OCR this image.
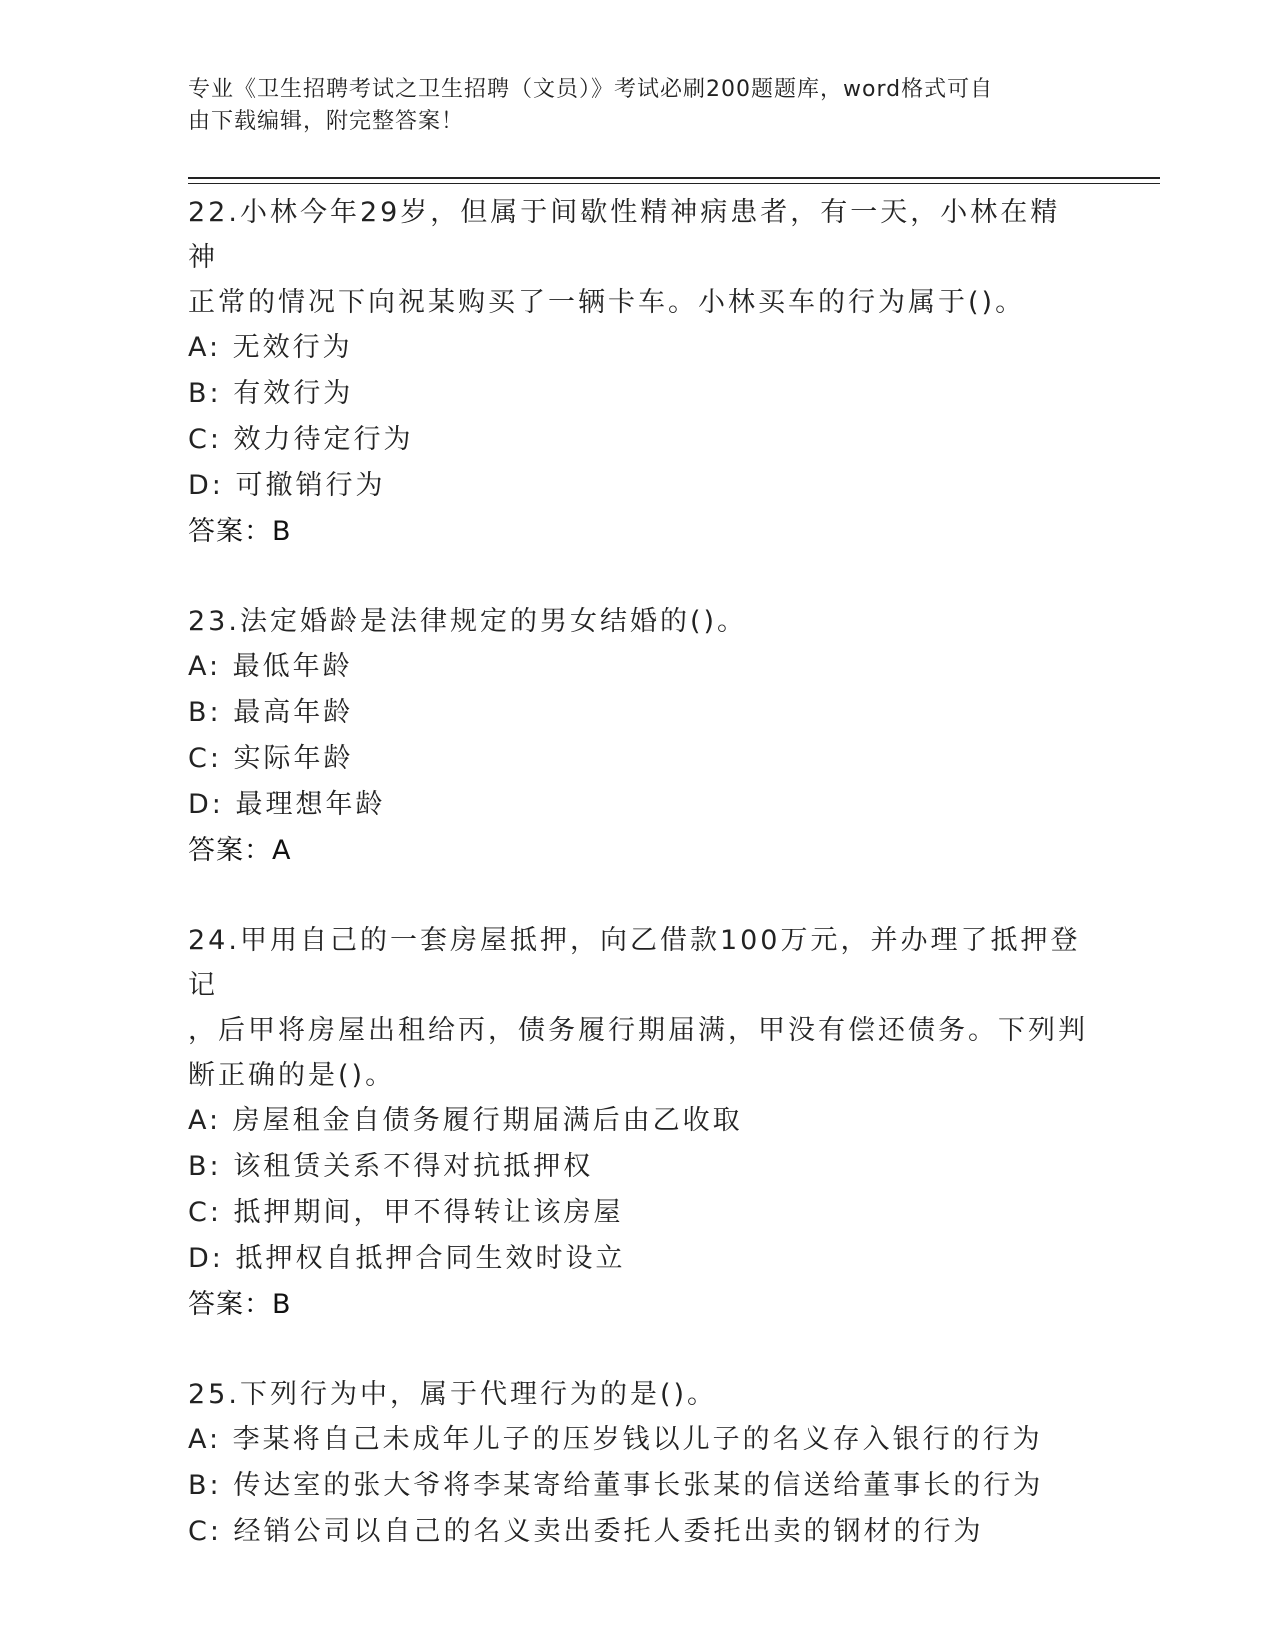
专业《卫生招聘考试之卫生招聘（文员）》考试必刷200题题库，word格式可自
由下载编辑，附完整答案！
22.小林今年29岁，但属于间歇性精神病患者，有一天，小林在精神
正常的情况下向祝某购买了一辆卡车。小林买车的行为属于()。
A: 无效行为
B: 有效行为
C: 效力待定行为
D: 可撤销行为
答案：B
23.法定婚龄是法律规定的男女结婚的()。
A: 最低年龄
B: 最高年龄
C: 实际年龄
D: 最理想年龄
答案：A
24.甲用自己的一套房屋抵押，向乙借款100万元，并办理了抵押登记
，后甲将房屋出租给丙，债务履行期届满，甲没有偿还债务。下列判
断正确的是()。
A: 房屋租金自债务履行期届满后由乙收取
B: 该租赁关系不得对抗抵押权
C: 抵押期间，甲不得转让该房屋
D: 抵押权自抵押合同生效时设立
答案：B
25.下列行为中，属于代理行为的是()。
A: 李某将自己未成年儿子的压岁钱以儿子的名义存入银行的行为
B: 传达室的张大爷将李某寄给董事长张某的信送给董事长的行为
C: 经销公司以自己的名义卖出委托人委托出卖的钢材的行为
